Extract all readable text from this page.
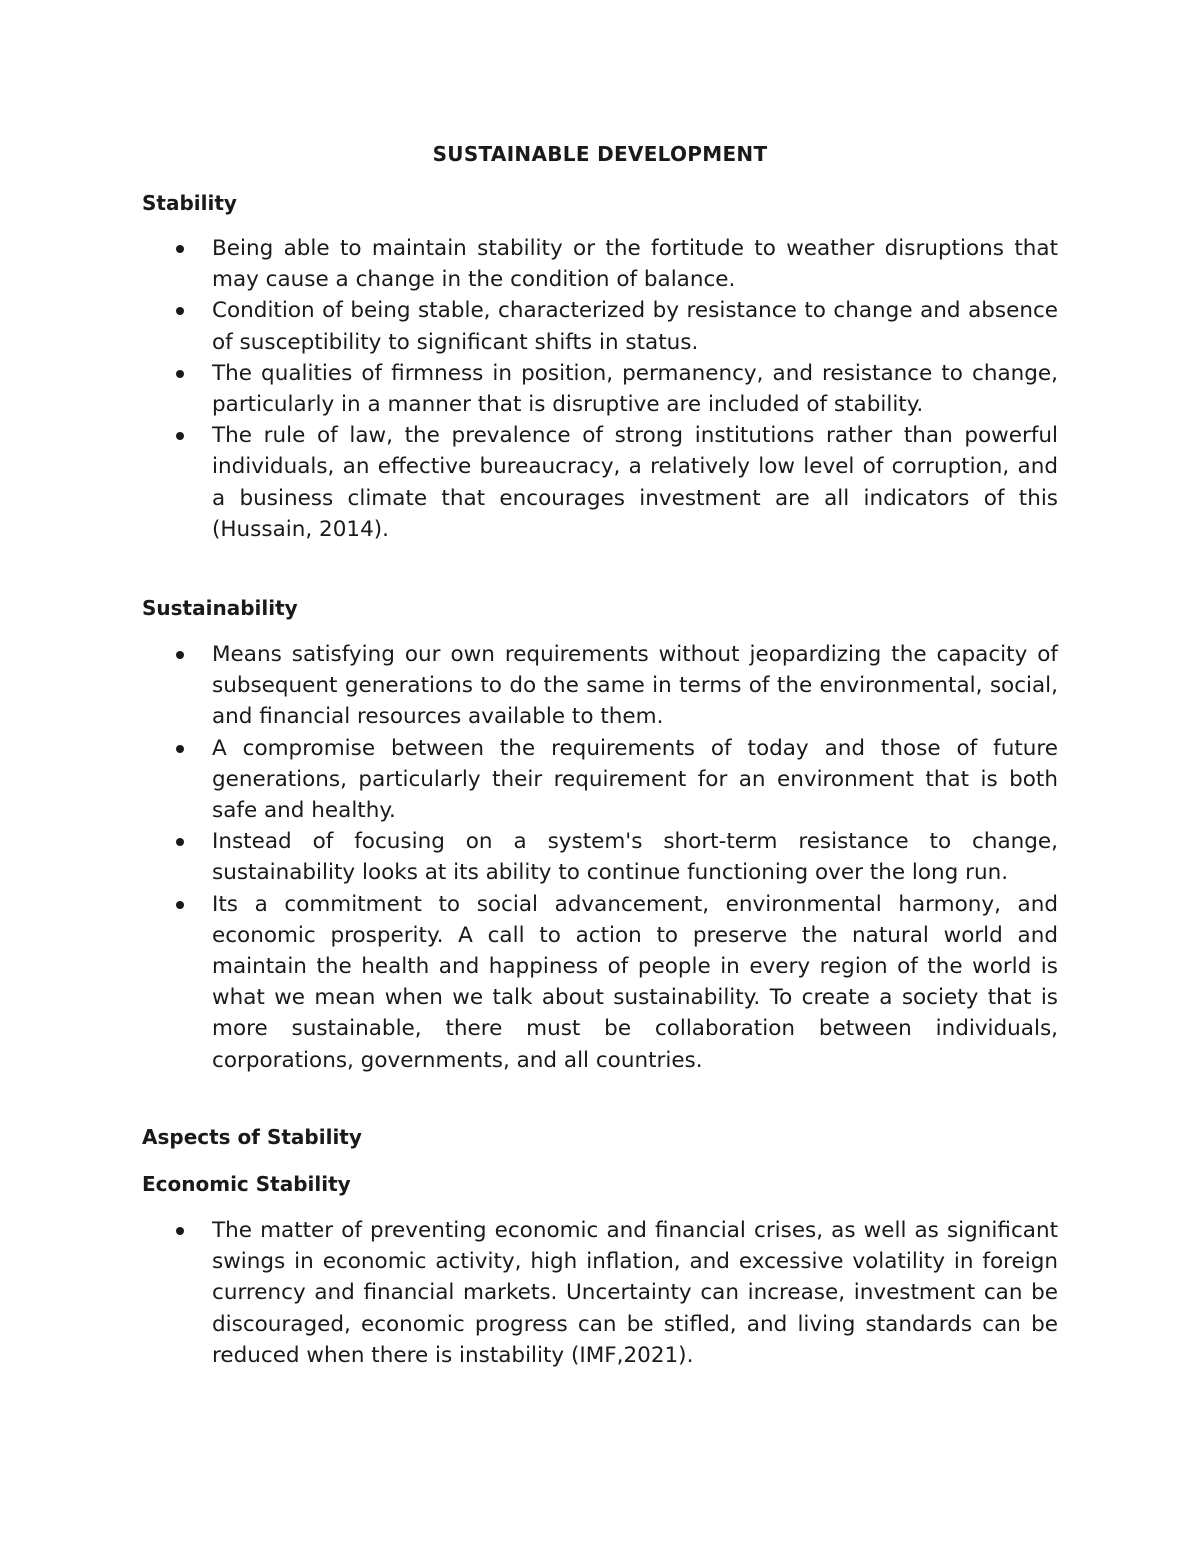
SUSTAINABLE DEVELOPMENT
Stability
Being able to maintain stability or the fortitude to weather disruptions that may cause a change in the condition of balance.
Condition of being stable, characterized by resistance to change and absence of susceptibility to significant shifts in status.
The qualities of firmness in position, permanency, and resistance to change, particularly in a manner that is disruptive are included of stability.
The rule of law, the prevalence of strong institutions rather than powerful individuals, an effective bureaucracy, a relatively low level of corruption, and a business climate that encourages investment are all indicators of this (Hussain, 2014).
Sustainability
Means satisfying our own requirements without jeopardizing the capacity of subsequent generations to do the same in terms of the environmental, social, and financial resources available to them.
A compromise between the requirements of today and those of future generations, particularly their requirement for an environment that is both safe and healthy.
Instead of focusing on a system's short-term resistance to change, sustainability looks at its ability to continue functioning over the long run.
Its a commitment to social advancement, environmental harmony, and economic prosperity. A call to action to preserve the natural world and maintain the health and happiness of people in every region of the world is what we mean when we talk about sustainability. To create a society that is more sustainable, there must be collaboration between individuals, corporations, governments, and all countries.
Aspects of Stability
Economic Stability
The matter of preventing economic and financial crises, as well as significant swings in economic activity, high inflation, and excessive volatility in foreign currency and financial markets. Uncertainty can increase, investment can be discouraged, economic progress can be stifled, and living standards can be reduced when there is instability (IMF,2021).
